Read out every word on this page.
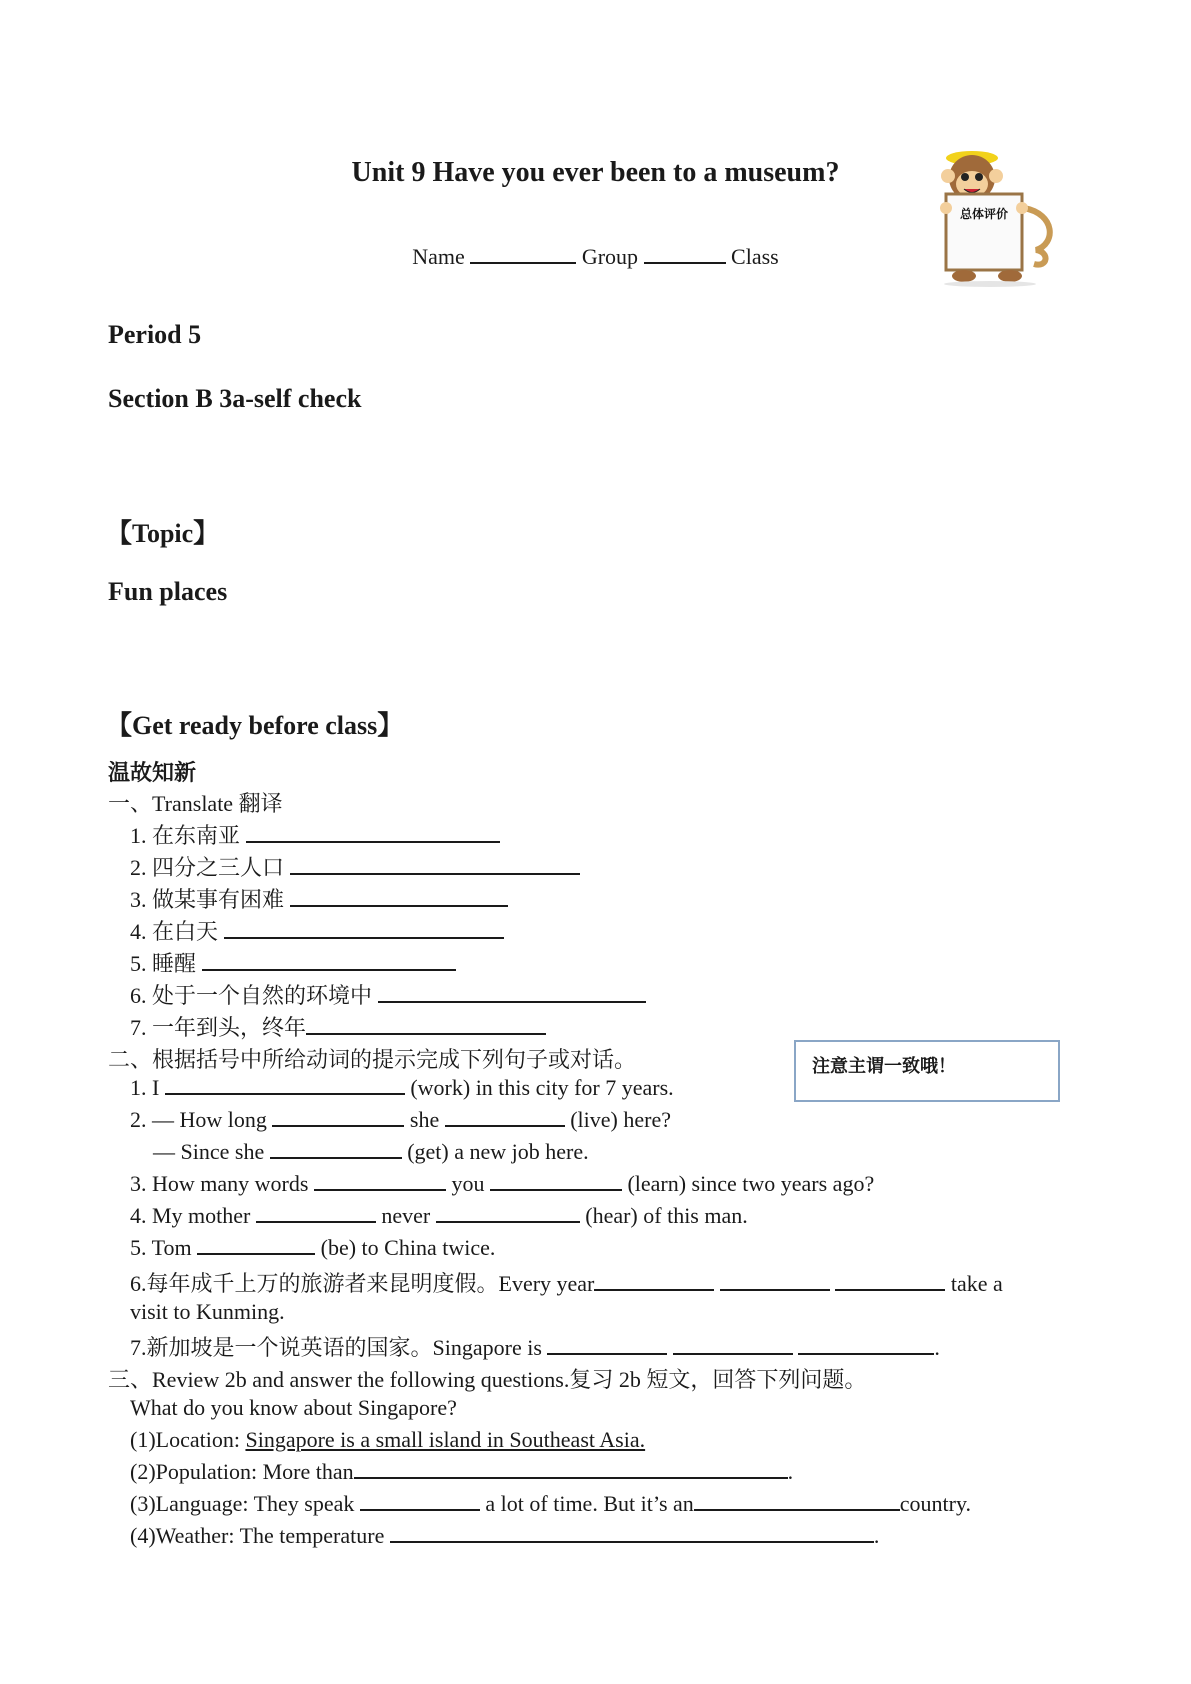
Unit 9 Have you ever been to a museum?
Name	Group	Class
总体评价
Period 5
Section B 3a-self check
【Topic】
Fun places
【Get ready before class】
温故知新
一、Translate 翻译
1. 在东南亚
2. 四分之三人口
3. 做某事有困难
4. 在白天
5. 睡醒
6. 处于一个自然的环境中
7. 一年到头，终年
二、根据括号中所给动词的提示完成下列句子或对话。	注意主谓一致哦！
1. I	(work) in this city for 7 years.
2. — How long	she	(live) here?
— Since she	(get) a new job here.
3. How many words	you	(learn) since two years ago?
4. My mother	never	(hear) of this man.
5. Tom	(be) to China twice.
6.每年成千上万的旅游者来昆明度假。Every year	take a
visit to Kunming.
7.新加坡是一个说英语的国家。Singapore is	.
三、Review 2b and answer the following questions.复习 2b 短文，回答下列问题。
What do you know about Singapore?
(1)Location: Singapore is a small island in Southeast Asia.
(2)Population: More than	.
(3)Language: They speak	a lot of time. But it’s an	country.
(4)Weather: The temperature	.
